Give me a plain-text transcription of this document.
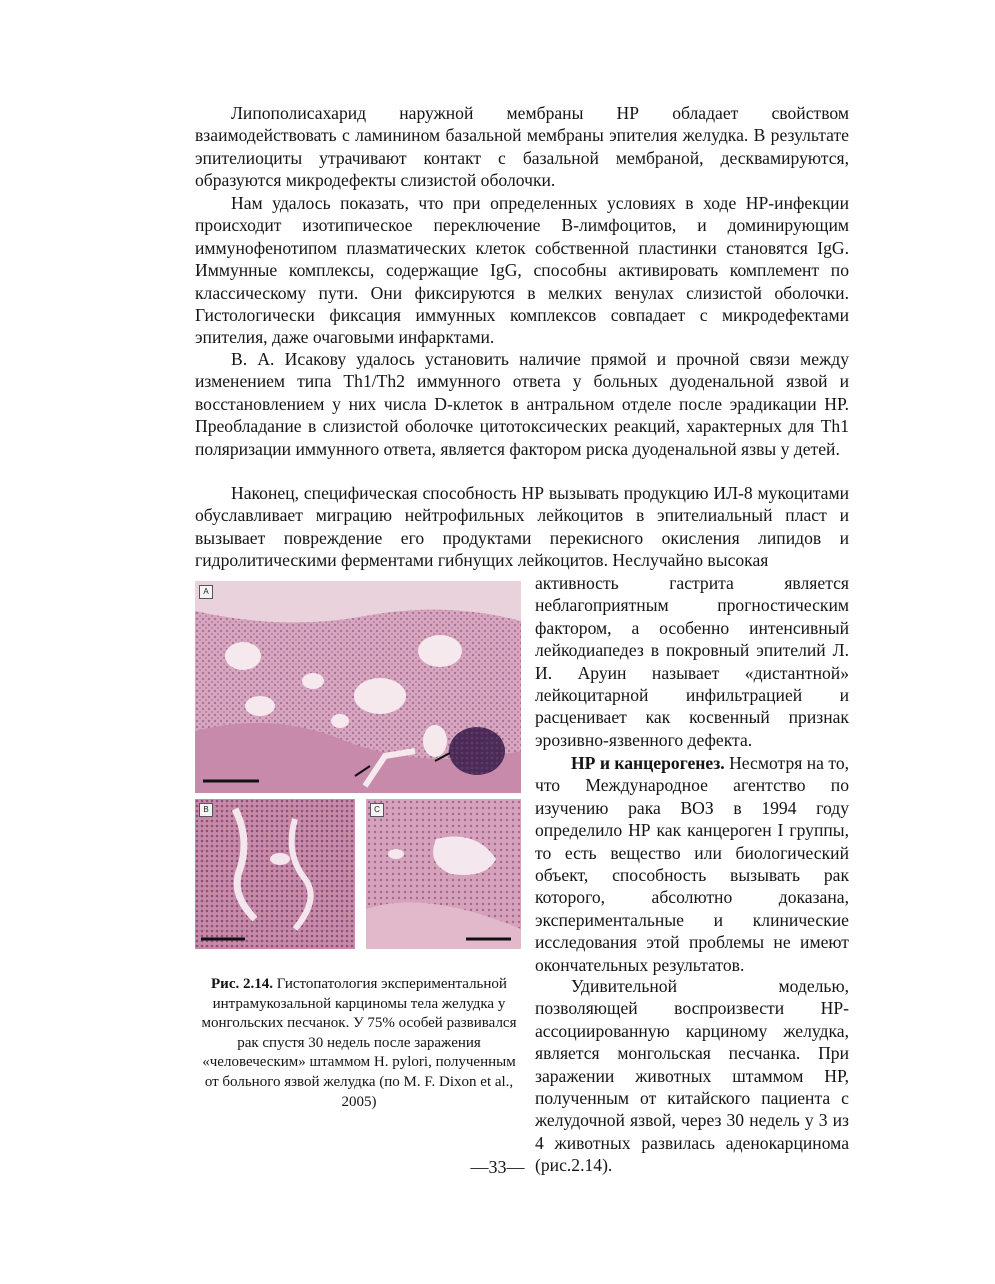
Липополисахарид наружной мембраны НР обладает свойством взаимодействовать с ламинином базальной мембраны эпителия желудка. В результате эпителиоциты утрачивают контакт с базальной мембраной, десквамируются, образуются микродефекты слизистой оболочки.

Нам удалось показать, что при определенных условиях в ходе НР-инфекции происходит изотипическое переключение В-лимфоцитов, и доминирующим иммунофенотипом плазматических клеток собственной пластинки становятся IgG. Иммунные комплексы, содержащие IgG, способны активировать комплемент по классическому пути. Они фиксируются в мелких венулах слизистой оболочки. Гистологически фиксация иммунных комплексов совпадает с микродефектами эпителия, даже очаговыми инфарктами.

В. А. Исакову удалось установить наличие прямой и прочной связи между изменением типа Th1/Th2 иммунного ответа у больных дуоденальной язвой и восстановлением у них числа D-клеток в антральном отделе после эрадикации НР. Преобладание в слизистой оболочке цитотоксических реакций, характерных для Th1 поляризации иммунного ответа, является фактором риска дуоденальной язвы у детей.

Наконец, специфическая способность НР вызывать продукцию ИЛ-8 мукоцитами обуславливает миграцию нейтрофильных лейкоцитов в эпителиальный пласт и вызывает повреждение его продуктами перекисного окисления липидов и гидролитическими ферментами гибнущих лейкоцитов. Неслучайно высокая

активность гастрита является неблагоприятным прогностическим фактором, а особенно интенсивный лейкодиапедез в покровный эпителий Л. И. Аруин называет «дистантной» лейкоцитарной инфильтрацией и расценивает как косвенный признак эрозивно-язвенного дефекта.

НР и канцерогенез. Несмотря на то, что Международное агентство по изучению рака ВОЗ в 1994 году определило НР как канцероген I группы, то есть вещество или биологический объект, способность вызывать рак которого, абсолютно доказана, экспериментальные и клинические исследования этой проблемы не имеют окончательных результатов.

Удивительной моделью, позволяющей воспроизвести НР-ассоциированную карциному желудка, является монгольская песчанка. При заражении животных штаммом НР, полученным от китайского пациента с желудочной язвой, через 30 недель у 3 из 4 животных развилась аденокарцинома (рис.2.14).

A
B	C

Рис. 2.14. Гистопатология экспериментальной интрамукозальной карциномы тела желудка у монгольских песчанок. У 75% особей развивался рак спустя 30 недель после заражения «человеческим» штаммом H. pylori, полученным от больного язвой желудка (по M. F. Dixon et al., 2005)

—33—
